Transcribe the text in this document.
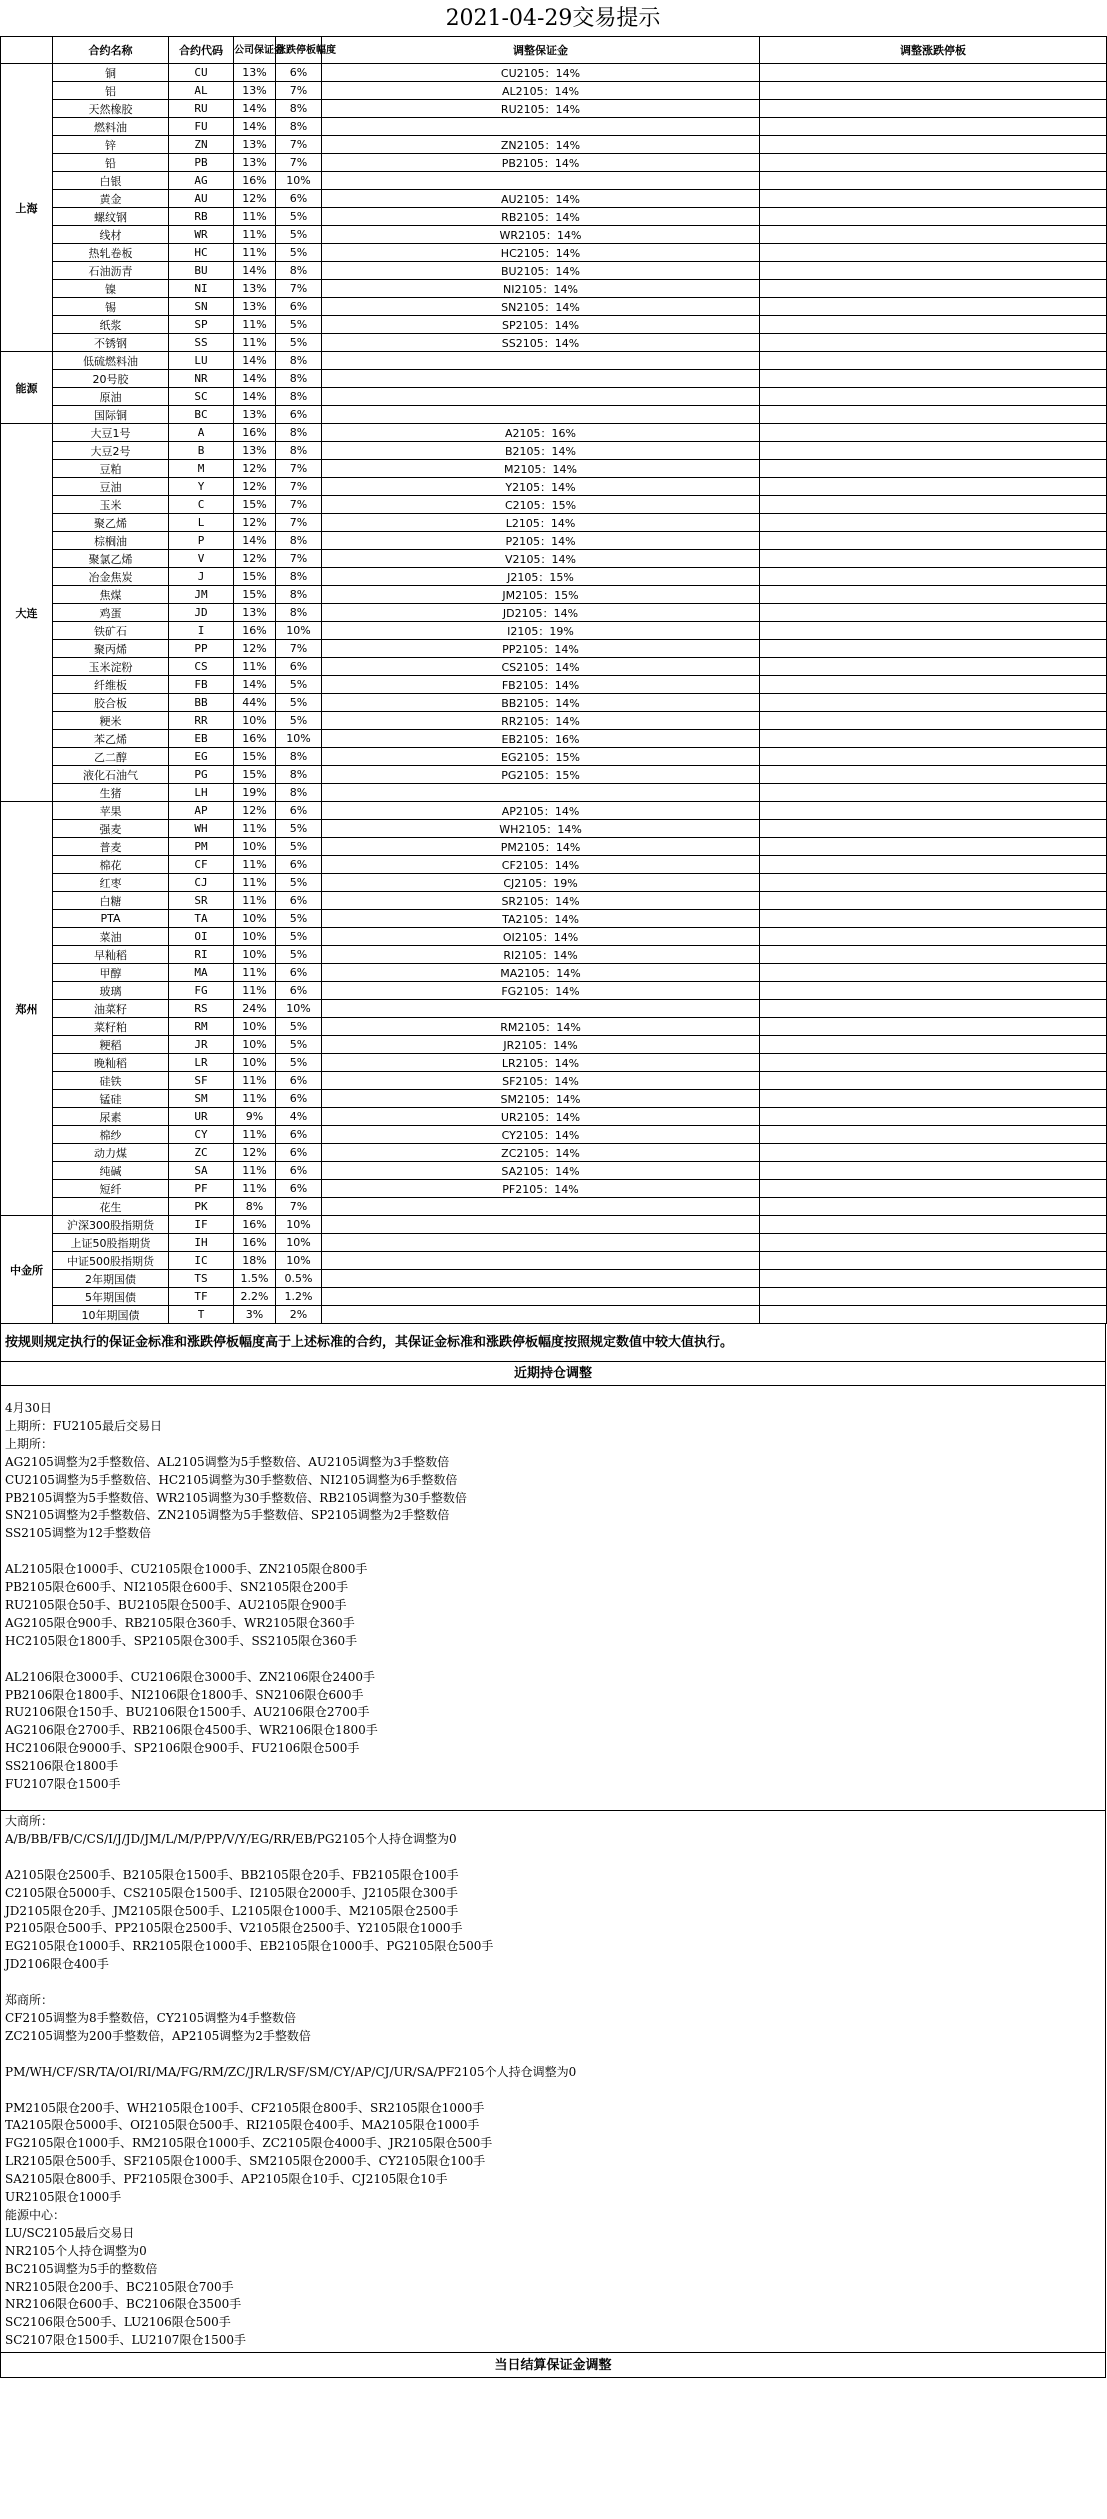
2021-04-29交易提示
	合约名称	合约代码	公司保证金	涨跌停板幅度	调整保证金	调整涨跌停板
上海	铜	CU	13%	6%	CU2105：14%	
	铝	AL	13%	7%	AL2105：14%	
	天然橡胶	RU	14%	8%	RU2105：14%	
	燃料油	FU	14%	8%		
	锌	ZN	13%	7%	ZN2105：14%	
	铅	PB	13%	7%	PB2105：14%	
	白银	AG	16%	10%		
	黄金	AU	12%	6%	AU2105：14%	
	螺纹钢	RB	11%	5%	RB2105：14%	
	线材	WR	11%	5%	WR2105：14%	
	热轧卷板	HC	11%	5%	HC2105：14%	
	石油沥青	BU	14%	8%	BU2105：14%	
	镍	NI	13%	7%	NI2105：14%	
	锡	SN	13%	6%	SN2105：14%	
	纸浆	SP	11%	5%	SP2105：14%	
	不锈钢	SS	11%	5%	SS2105：14%	
能源	低硫燃料油	LU	14%	8%		
	20号胶	NR	14%	8%		
	原油	SC	14%	8%		
	国际铜	BC	13%	6%		
大连	大豆1号	A	16%	8%	A2105：16%	
	大豆2号	B	13%	8%	B2105：14%	
	豆粕	M	12%	7%	M2105：14%	
	豆油	Y	12%	7%	Y2105：14%	
	玉米	C	15%	7%	C2105：15%	
	聚乙烯	L	12%	7%	L2105：14%	
	棕榈油	P	14%	8%	P2105：14%	
	聚氯乙烯	V	12%	7%	V2105：14%	
	冶金焦炭	J	15%	8%	J2105：15%	
	焦煤	JM	15%	8%	JM2105：15%	
	鸡蛋	JD	13%	8%	JD2105：14%	
	铁矿石	I	16%	10%	I2105：19%	
	聚丙烯	PP	12%	7%	PP2105：14%	
	玉米淀粉	CS	11%	6%	CS2105：14%	
	纤维板	FB	14%	5%	FB2105：14%	
	胶合板	BB	44%	5%	BB2105：14%	
	粳米	RR	10%	5%	RR2105：14%	
	苯乙烯	EB	16%	10%	EB2105：16%	
	乙二醇	EG	15%	8%	EG2105：15%	
	液化石油气	PG	15%	8%	PG2105：15%	
	生猪	LH	19%	8%		
郑州	苹果	AP	12%	6%	AP2105：14%	
	强麦	WH	11%	5%	WH2105：14%	
	普麦	PM	10%	5%	PM2105：14%	
	棉花	CF	11%	6%	CF2105：14%	
	红枣	CJ	11%	5%	CJ2105：19%	
	白糖	SR	11%	6%	SR2105：14%	
	PTA	TA	10%	5%	TA2105：14%	
	菜油	OI	10%	5%	OI2105：14%	
	早籼稻	RI	10%	5%	RI2105：14%	
	甲醇	MA	11%	6%	MA2105：14%	
	玻璃	FG	11%	6%	FG2105：14%	
	油菜籽	RS	24%	10%		
	菜籽粕	RM	10%	5%	RM2105：14%	
	粳稻	JR	10%	5%	JR2105：14%	
	晚籼稻	LR	10%	5%	LR2105：14%	
	硅铁	SF	11%	6%	SF2105：14%	
	锰硅	SM	11%	6%	SM2105：14%	
	尿素	UR	9%	4%	UR2105：14%	
	棉纱	CY	11%	6%	CY2105：14%	
	动力煤	ZC	12%	6%	ZC2105：14%	
	纯碱	SA	11%	6%	SA2105：14%	
	短纤	PF	11%	6%	PF2105：14%	
	花生	PK	8%	7%		
中金所	沪深300股指期货	IF	16%	10%		
	上证50股指期货	IH	16%	10%		
	中证500股指期货	IC	18%	10%		
	2年期国债	TS	1.5%	0.5%		
	5年期国债	TF	2.2%	1.2%		
	10年期国债	T	3%	2%		
按规则规定执行的保证金标准和涨跌停板幅度高于上述标准的合约，其保证金标准和涨跌停板幅度按照规定数值中较大值执行。
近期持仓调整
4月30日
上期所：FU2105最后交易日
上期所：
AG2105调整为2手整数倍、AL2105调整为5手整数倍、AU2105调整为3手整数倍
CU2105调整为5手整数倍、HC2105调整为30手整数倍、NI2105调整为6手整数倍
PB2105调整为5手整数倍、WR2105调整为30手整数倍、RB2105调整为30手整数倍
SN2105调整为2手整数倍、ZN2105调整为5手整数倍、SP2105调整为2手整数倍
SS2105调整为12手整数倍

AL2105限仓1000手、CU2105限仓1000手、ZN2105限仓800手
PB2105限仓600手、NI2105限仓600手、SN2105限仓200手
RU2105限仓50手、BU2105限仓500手、AU2105限仓900手
AG2105限仓900手、RB2105限仓360手、WR2105限仓360手
HC2105限仓1800手、SP2105限仓300手、SS2105限仓360手

AL2106限仓3000手、CU2106限仓3000手、ZN2106限仓2400手
PB2106限仓1800手、NI2106限仓1800手、SN2106限仓600手
RU2106限仓150手、BU2106限仓1500手、AU2106限仓2700手
AG2106限仓2700手、RB2106限仓4500手、WR2106限仓1800手
HC2106限仓9000手、SP2106限仓900手、FU2106限仓500手
SS2106限仓1800手
FU2107限仓1500手
大商所：
A/B/BB/FB/C/CS/I/J/JD/JM/L/M/P/PP/V/Y/EG/RR/EB/PG2105个人持仓调整为0

A2105限仓2500手、B2105限仓1500手、BB2105限仓20手、FB2105限仓100手
C2105限仓5000手、CS2105限仓1500手、I2105限仓2000手、J2105限仓300手
JD2105限仓20手、JM2105限仓500手、L2105限仓1000手、M2105限仓2500手
P2105限仓500手、PP2105限仓2500手、V2105限仓2500手、Y2105限仓1000手
EG2105限仓1000手、RR2105限仓1000手、EB2105限仓1000手、PG2105限仓500手
JD2106限仓400手

郑商所：
CF2105调整为8手整数倍，CY2105调整为4手整数倍
ZC2105调整为200手整数倍，AP2105调整为2手整数倍

PM/WH/CF/SR/TA/OI/RI/MA/FG/RM/ZC/JR/LR/SF/SM/CY/AP/CJ/UR/SA/PF2105个人持仓调整为0

PM2105限仓200手、WH2105限仓100手、CF2105限仓800手、SR2105限仓1000手
TA2105限仓5000手、OI2105限仓500手、RI2105限仓400手、MA2105限仓1000手
FG2105限仓1000手、RM2105限仓1000手、ZC2105限仓4000手、JR2105限仓500手
LR2105限仓500手、SF2105限仓1000手、SM2105限仓2000手、CY2105限仓100手
SA2105限仓800手、PF2105限仓300手、AP2105限仓10手、CJ2105限仓10手
UR2105限仓1000手
能源中心：
LU/SC2105最后交易日
NR2105个人持仓调整为0
BC2105调整为5手的整数倍
NR2105限仓200手、BC2105限仓700手
NR2106限仓600手、BC2106限仓3500手
SC2106限仓500手、LU2106限仓500手
SC2107限仓1500手、LU2107限仓1500手
当日结算保证金调整
